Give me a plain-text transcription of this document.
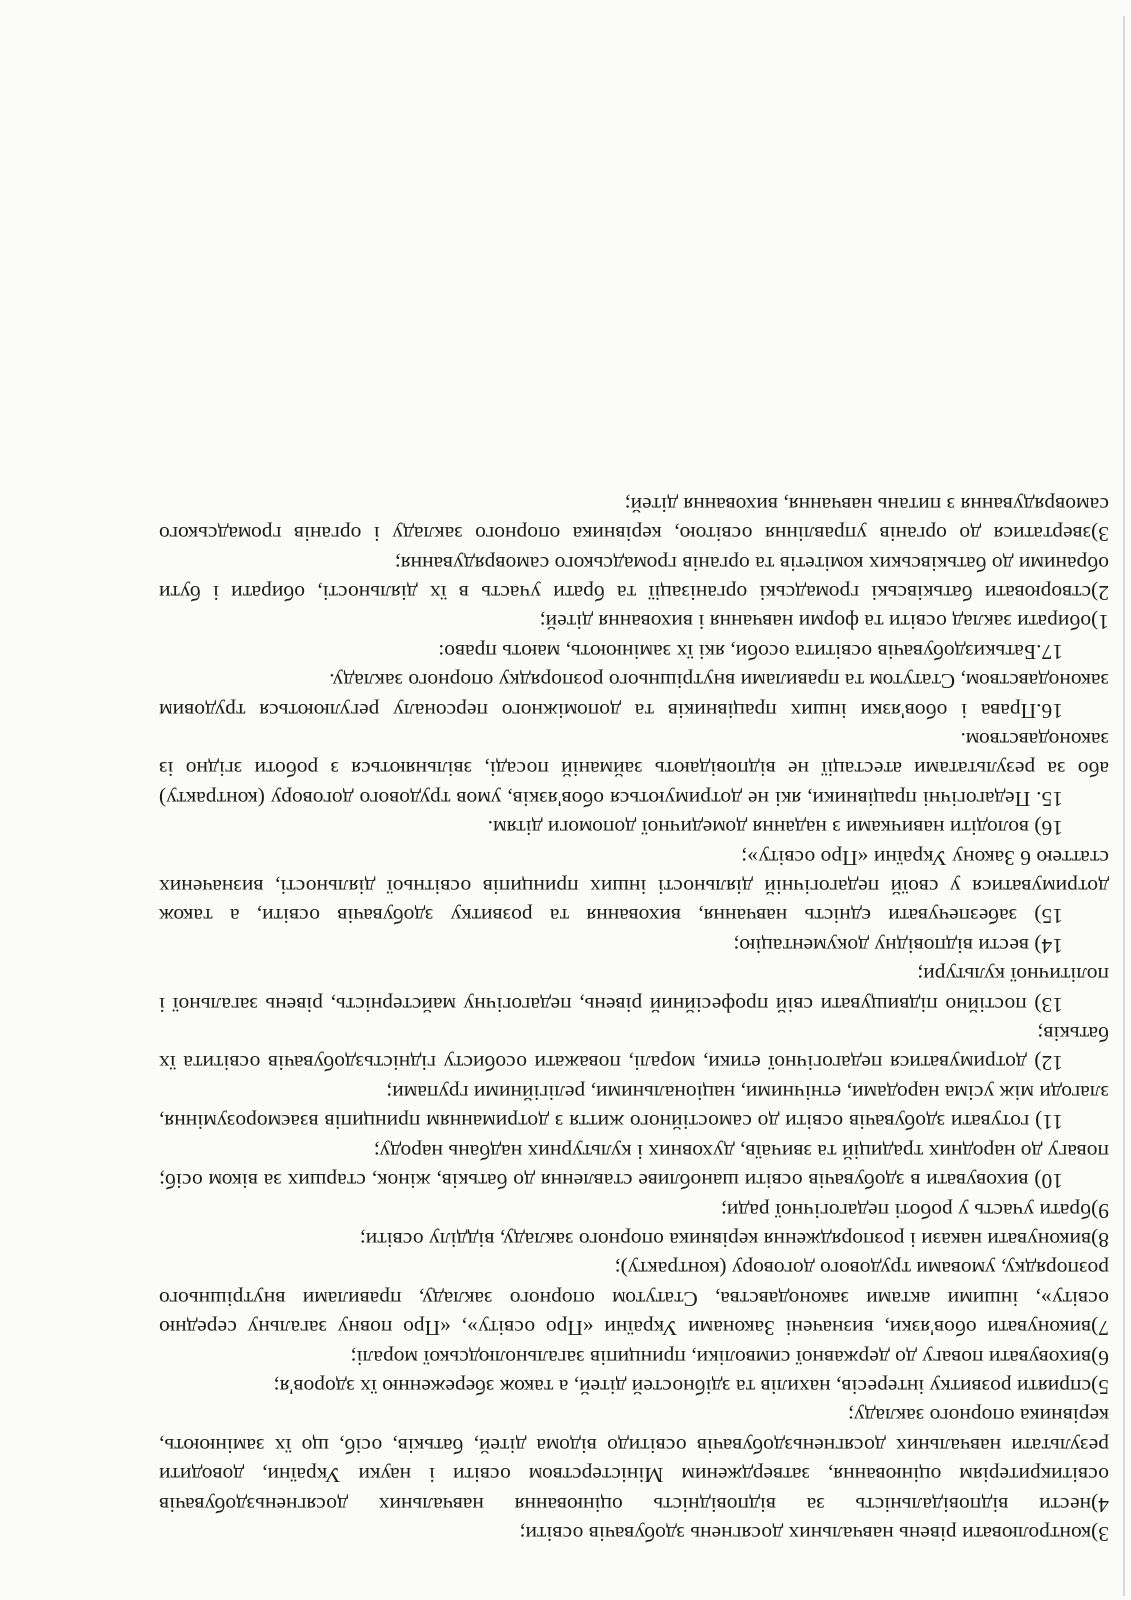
3)контролювати рівень навчальних досягнень здобувачів освіти;

4)нести відповідальність за відповідність оцінювання навчальних досягненьздобувачів освітикритеріям оцінювання, затвердженим Міністерством освіти і науки України, доводити результати навчальних досягненьздобувачів освітидо відома дітей, батьків, осіб, що їх замінюють, керівника опорного закладу;

5)сприяти розвитку інтересів, нахилів та здібностей дітей, а також збереженню їх здоров'я;

6)виховувати повагу до державної символіки, принципів загальнолюдської моралі;

7)виконувати обов'язки, визначені Законами України «Про освіту», «Про повну загальну середню освіту», іншими актами законодавства, Статутом опорного закладу, правилами внутрішнього розпорядку, умовами трудового договору (контракту);

8)виконувати накази і розпорядження керівника опорного закладу, відділу освіти;

9)брати участь у роботі педагогічної ради;

10) виховувати в здобувачів освіти шанобливе ставлення до батьків, жінок, старших за віком осіб; повагу до народних традицій та звичаїв, духовних і культурних надбань народу;

11) готувати здобувачів освіти до самостійного життя з дотриманням принципів взаєморозуміння, злагоди між усіма народами, етнічними, національними, релігійними групами;

12) дотримуватися педагогічної етики, моралі, поважати особисту гідністьздобувачів освітита їх батьків;

13) постійно підвищувати свій професійний рівень, педагогічну майстерність, рівень загальної і політичної культури;

14) вести відповідну документацію;

15) забезпечувати єдність навчання, виховання та розвитку здобувачів освіти, а також дотримуватися у своїй педагогічній діяльності інших принципів освітньої діяльності, визначених статтею 6 Закону України «Про освіту»;

16) володіти навичками з надання домедичної допомоги дітям.

15. Педагогічні працівники, які не дотримуються обов'язків, умов трудового договору (контракту) або за результатами атестації не відповідають займаній посаді, звільняються з роботи згідно із законодавством.

16.Права і обов'язки інших працівників та допоміжного персоналу регулюються трудовим законодавством, Статутом та правилами внутрішнього розпорядку опорного закладу.

17.Батькиздобувачів освітита особи, які їх замінюють, мають право:

1)обирати заклад освіти та форми навчання і виховання дітей;

2)створювати батьківські громадські організації та брати участь в їх діяльності, обирати і бути обраними до батьківських комітетів та органів громадського самоврядування;

3)звертатися до органів управління освітою, керівника опорного закладу і органів громадського самоврядування з питань навчання, виховання дітей;
